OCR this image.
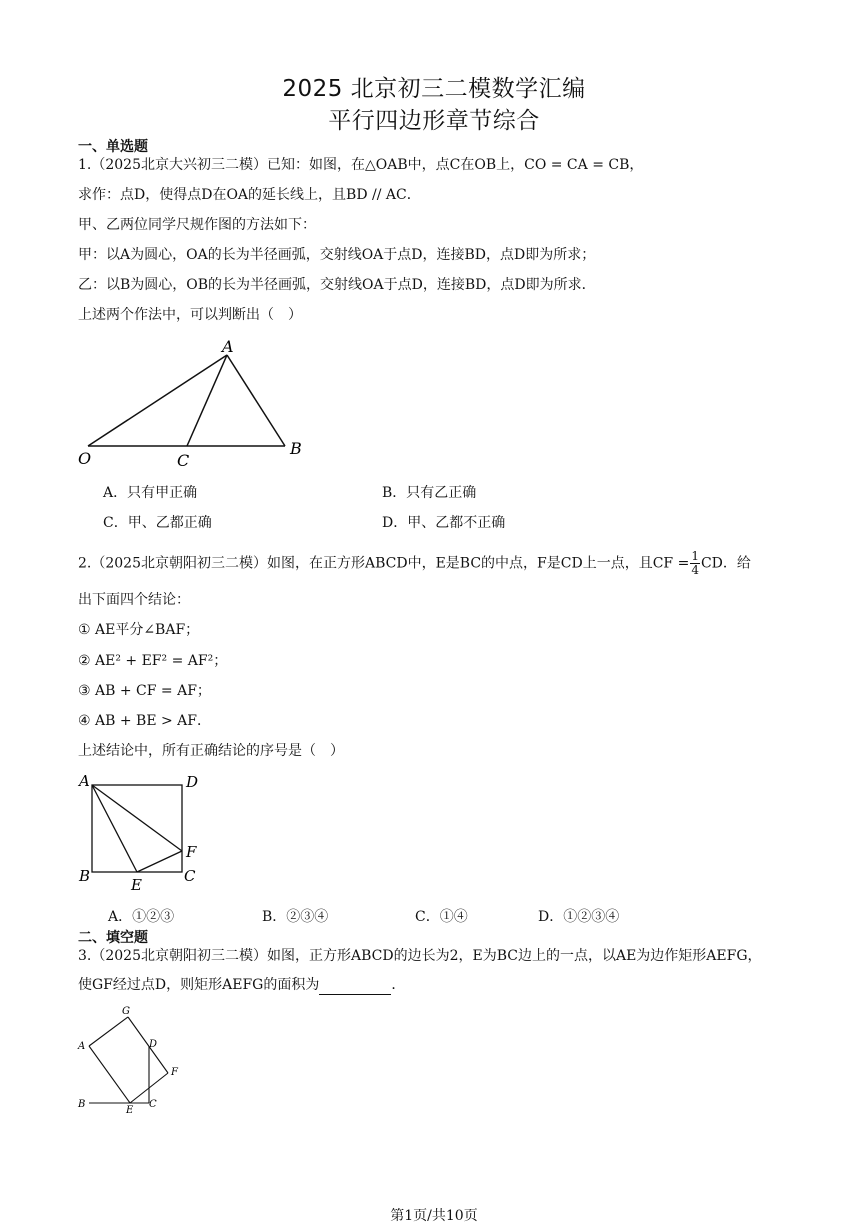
2025 北京初三二模数学汇编
平行四边形章节综合
一、单选题
1.（2025北京大兴初三二模）已知：如图，在△OAB中，点C在OB上，CO = CA = CB，
求作：点D，使得点D在OA的延长线上，且BD // AC．
甲、乙两位同学尺规作图的方法如下：
甲：以A为圆心，OA的长为半径画弧，交射线OA于点D，连接BD，点D即为所求；
乙：以B为圆心，OB的长为半径画弧，交射线OA于点D，连接BD，点D即为所求．
上述两个作法中，可以判断出（　）
A
O	C
B
A．只有甲正确	B．只有乙正确
C．甲、乙都正确	D．甲、乙都不正确
2.（2025北京朝阳初三二模）如图，在正方形ABCD中，E是BC的中点，F是CD上一点，且CF = $\frac{1}{4}$ CD．给
出下面四个结论：
① AE平分∠BAF；
② AE² + EF² = AF²；
③ AB + CF = AF；
④ AB + BE > AF．
上述结论中，所有正确结论的序号是（　）
A	D
F
B	E	C
A．①②③	B．②③④	C．①④	D．①②③④
二、填空题
3.（2025北京朝阳初三二模）如图，正方形ABCD的边长为2，E为BC边上的一点，以AE为边作矩形AEFG，
使GF经过点D，则矩形AEFG的面积为	．
G
A	D
F
B
E
C
第1页/共10页
